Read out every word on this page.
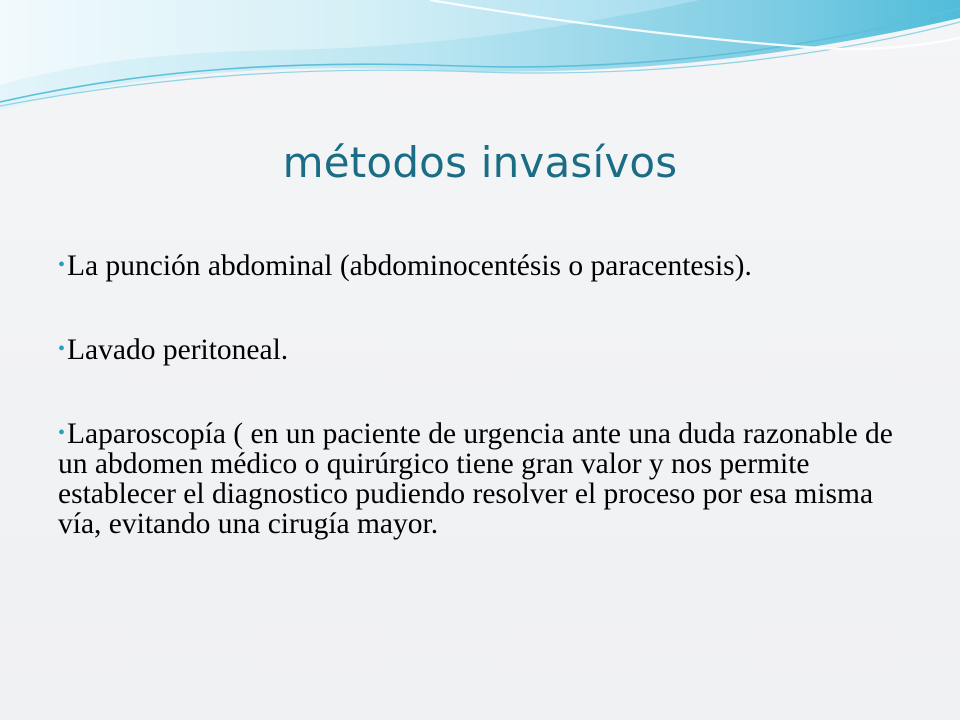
métodos invasívos
•La punción abdominal (abdominocentésis o paracentesis).
•Lavado peritoneal.
•Laparoscopía ( en un paciente de urgencia ante una duda razonable de un abdomen médico o quirúrgico tiene gran valor y nos permite establecer el diagnostico pudiendo resolver el proceso por esa misma vía, evitando una cirugía mayor.
